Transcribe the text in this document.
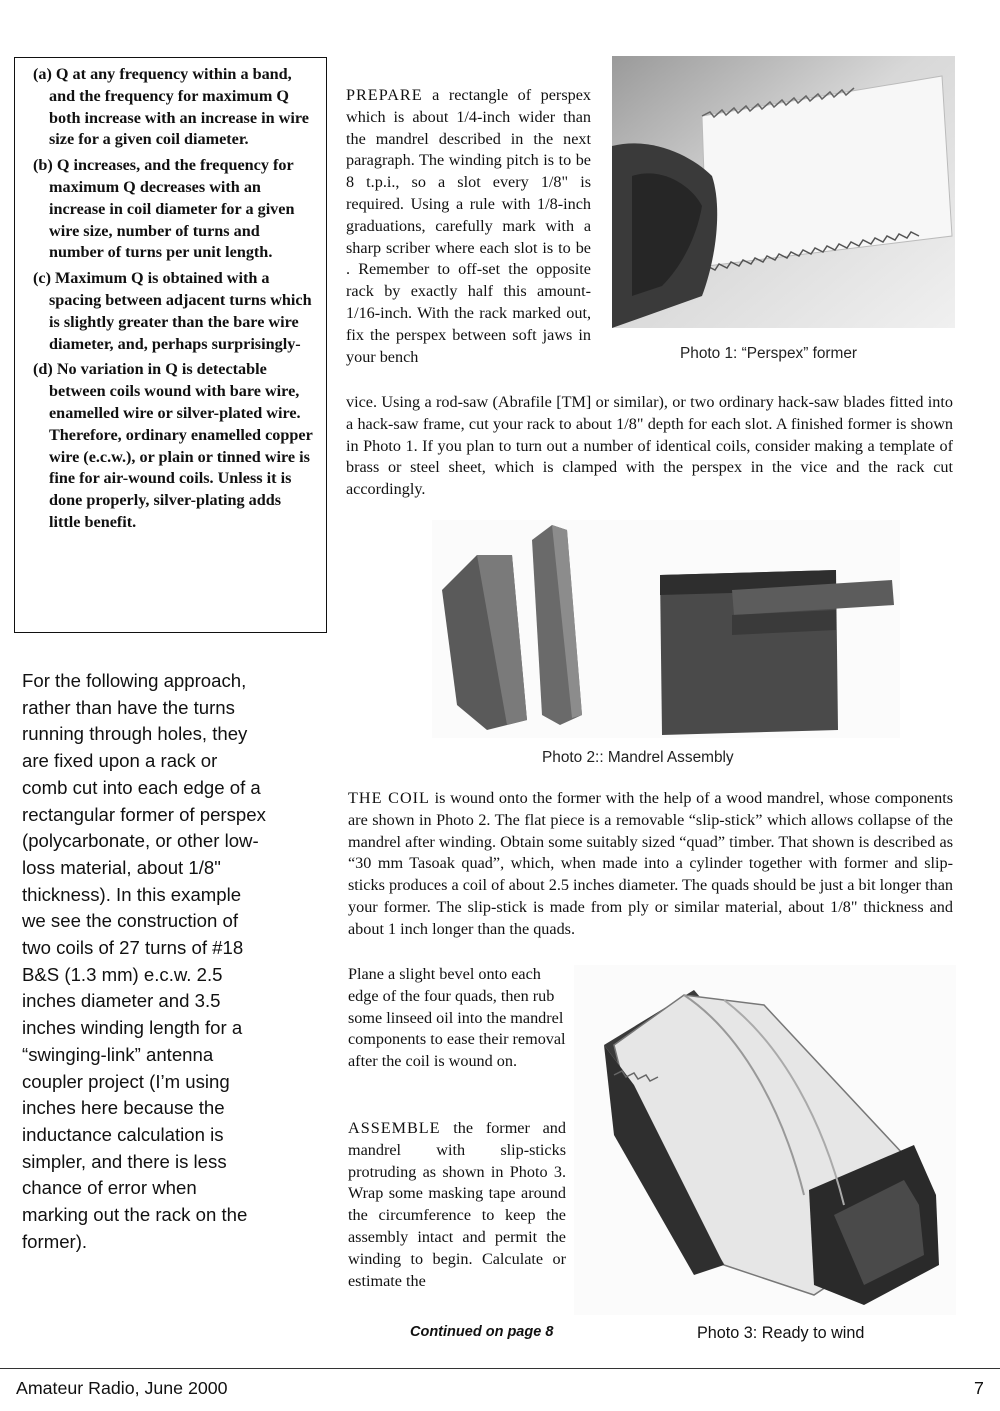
(a) Q at any frequency within a band, and the frequency for maximum Q both increase with an increase in wire size for a given coil diameter.
(b) Q increases, and the frequency for maximum Q decreases with an increase in coil diameter for a given wire size, number of turns and number of turns per unit length.
(c) Maximum Q is obtained with a spacing between adjacent turns which is slightly greater than the bare wire diameter, and, perhaps surprisingly-
(d) No variation in Q is detectable between coils wound with bare wire, enamelled wire or silver-plated wire. Therefore, ordinary enamelled copper wire (e.c.w.), or plain or tinned wire is fine for air-wound coils. Unless it is done properly, silver-plating adds little benefit.
For the following approach, rather than have the turns running through holes, they are fixed upon a rack or comb cut into each edge of a rectangular former of perspex (polycarbonate, or other low-loss material, about 1/8" thickness). In this example we see the construction of two coils of 27 turns of #18 B&S (1.3 mm) e.c.w. 2.5 inches diameter and 3.5 inches winding length for a “swinging-link” antenna coupler project (I’m using inches here because the inductance calculation is simpler, and there is less chance of error when marking out the rack on the former).
PREPARE a rectangle of perspex which is about 1/4-inch wider than the mandrel described in the next paragraph. The winding pitch is to be 8 t.p.i., so a slot every 1/8" is required. Using a rule with 1/8-inch graduations, carefully mark with a sharp scriber where each slot is to be . Remember to off-set the opposite rack by exactly half this amount- 1/16-inch. With the rack marked out, fix the perspex between soft jaws in your bench
vice. Using a rod-saw (Abrafile [TM] or similar), or two ordinary hack-saw blades fitted into a hack-saw frame, cut your rack to about 1/8" depth for each slot. A finished former is shown in Photo 1. If you plan to turn out a number of identical coils, consider making a template of brass or steel sheet, which is clamped with the perspex in the vice and the rack cut accordingly.
Photo 1: “Perspex” former
Photo 2:: Mandrel Assembly
THE COIL is wound onto the former with the help of a wood mandrel, whose components are shown in Photo 2. The flat piece is a removable “slip-stick” which allows collapse of the mandrel after winding. Obtain some suitably sized “quad” timber. That shown is described as “30 mm Tasoak quad”, which, when made into a cylinder together with former and slip-sticks produces a coil of about 2.5 inches diameter. The quads should be just a bit longer than your former. The slip-stick is made from ply or similar material, about 1/8" thickness and about 1 inch longer than the quads.
Plane a slight bevel onto each edge of the four quads, then rub some linseed oil into the mandrel components to ease their removal after the coil is wound on.
ASSEMBLE the former and mandrel with slip-sticks protruding as shown in Photo 3. Wrap some masking tape around the circumference to keep the assembly intact and permit the winding to begin. Calculate or estimate the
Photo 3: Ready to wind
Continued on page 8
Amateur Radio, June 2000	7
